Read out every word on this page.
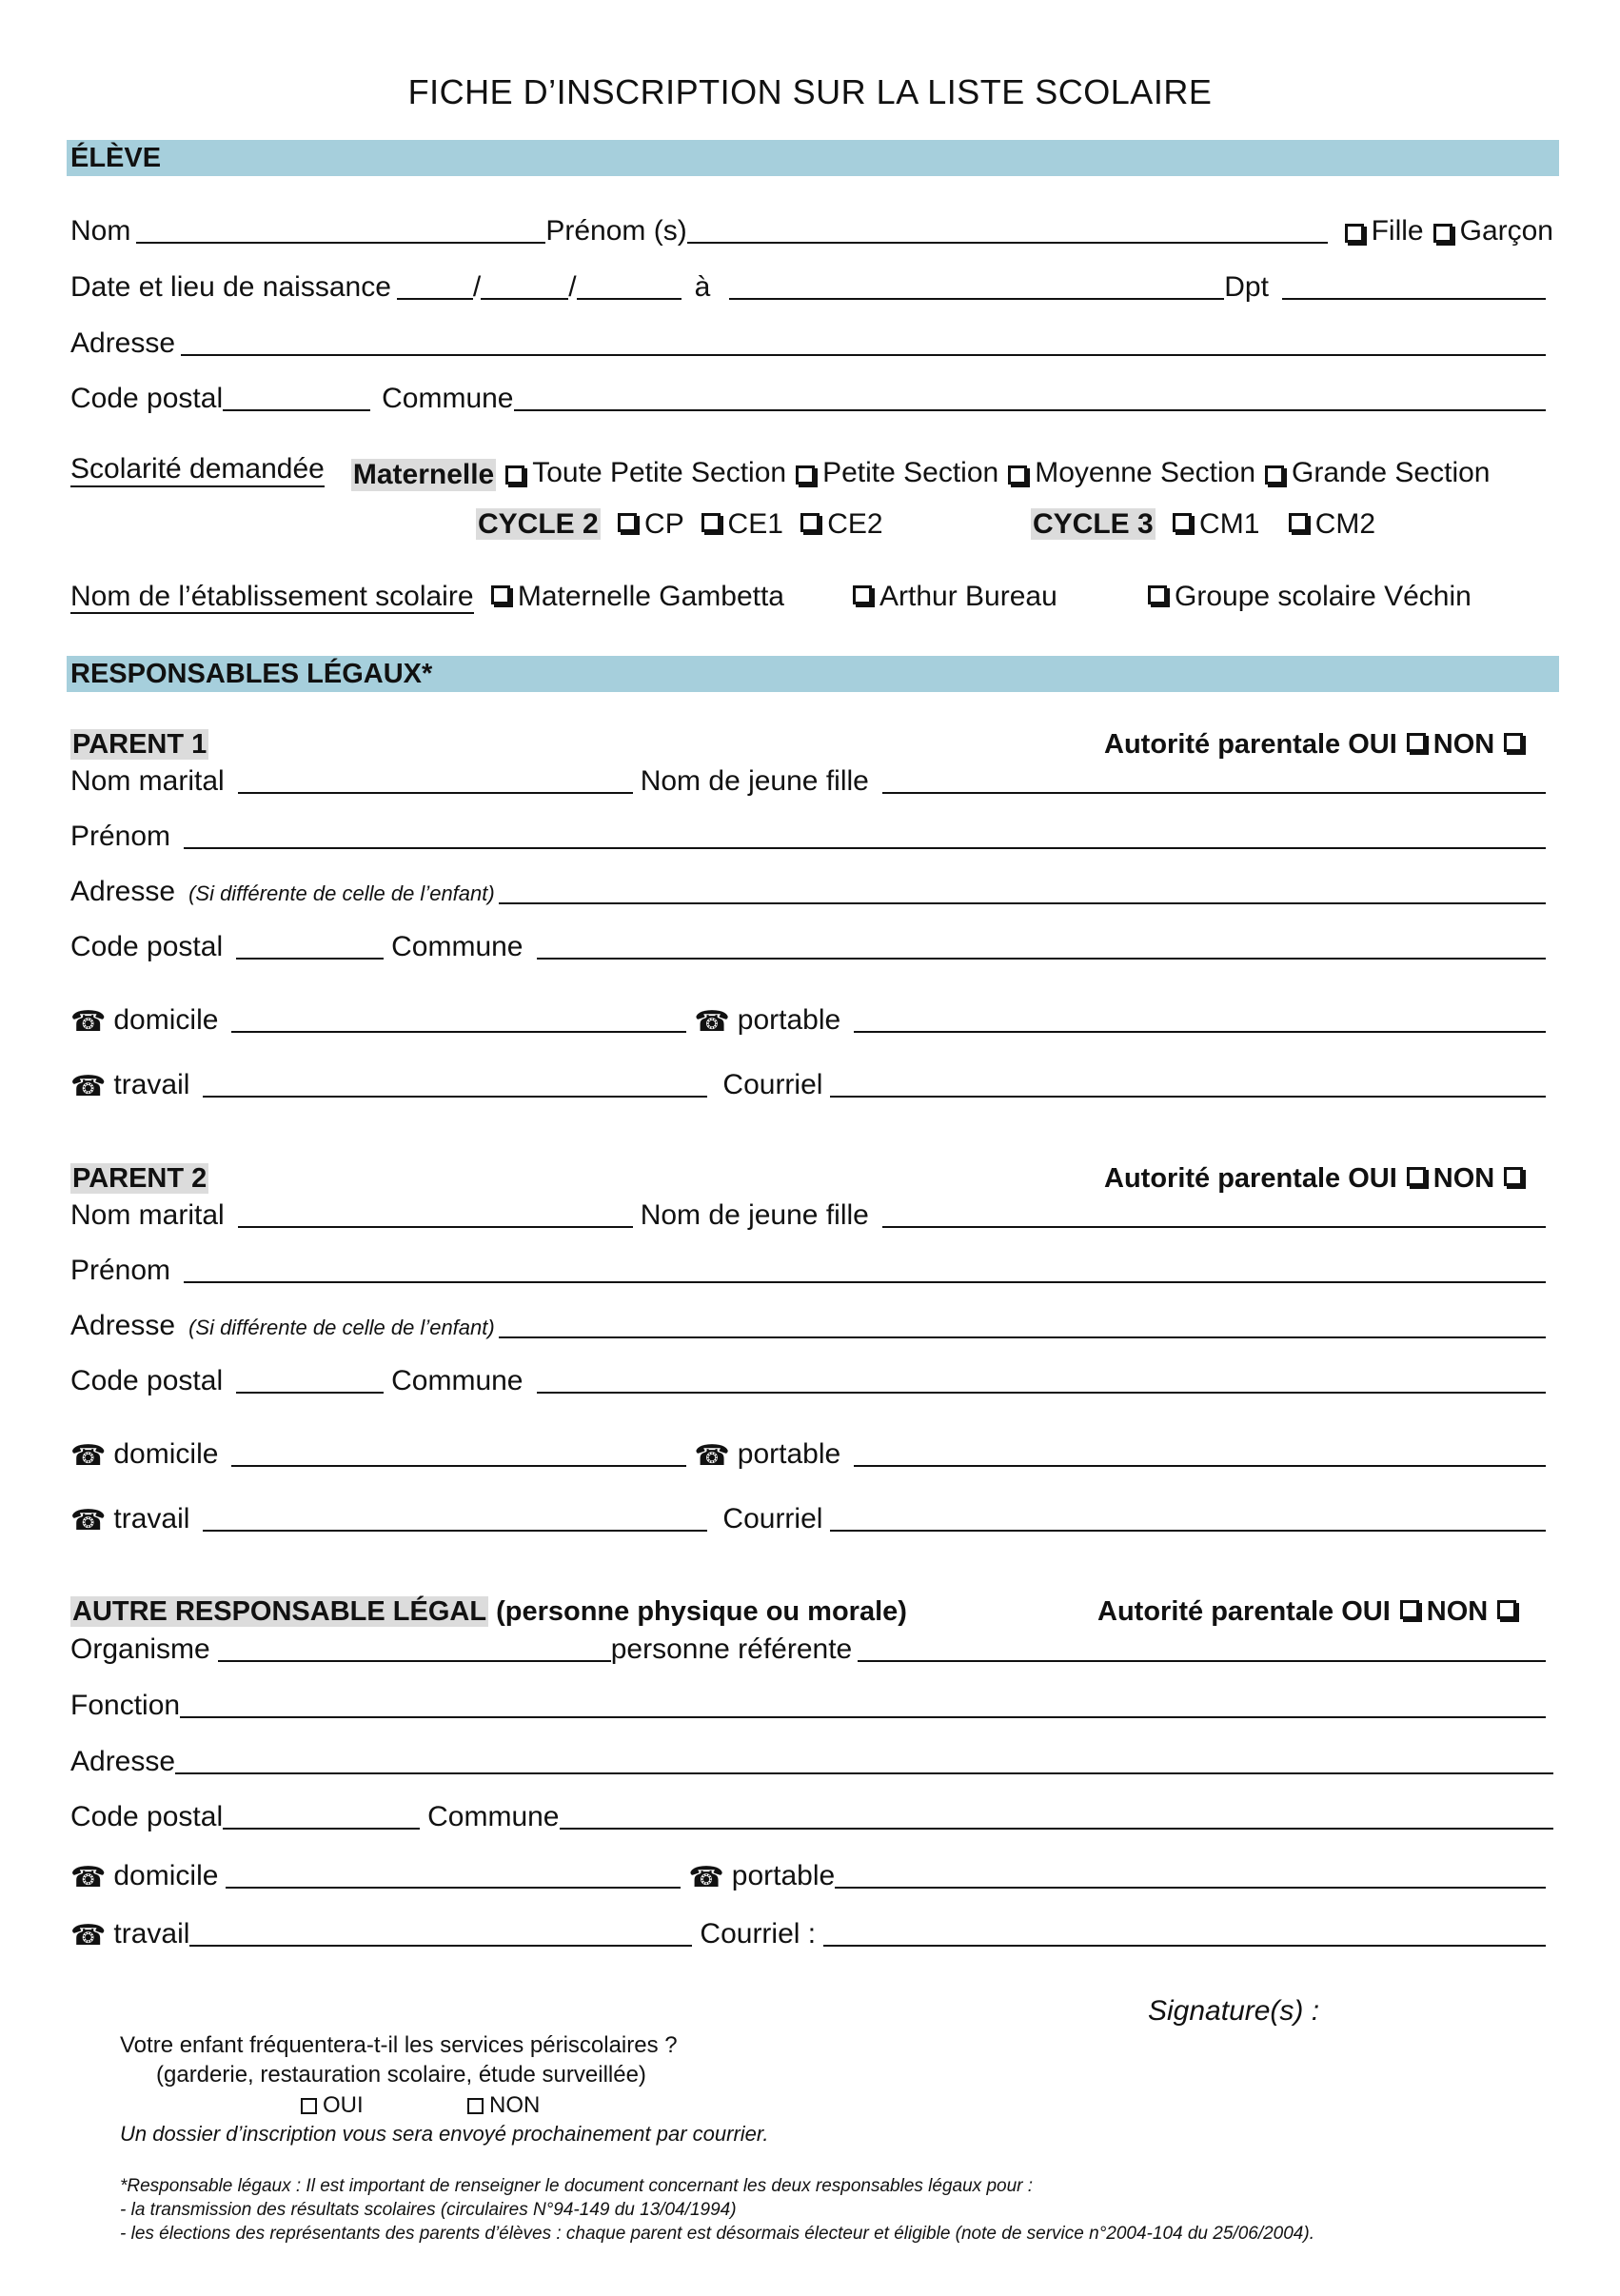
FICHE D’INSCRIPTION SUR LA LISTE SCOLAIRE
ÉLÈVE
Nom	Prénom (s)	Fille Garçon
Date et lieu de naissance	/	/	à	Dpt
Adresse
Code postal	Commune
Scolarité demandée Maternelle Toute Petite Section Petite Section Moyenne Section Grande Section
CYCLE 2 CP CE1 CE2	CYCLE 3 CM1 CM2
Nom de l’établissement scolaire Maternelle Gambetta	Arthur Bureau	Groupe scolaire Véchin
RESPONSABLES LÉGAUX*
PARENT 1	Autorité parentale OUI NON
Nom marital	Nom de jeune fille
Prénom
Adresse (Si différente de celle de l’enfant)
Code postal	Commune
☎ domicile	☎ portable
☎ travail	Courriel
PARENT 2	Autorité parentale OUI NON
Nom marital	Nom de jeune fille
Prénom
Adresse (Si différente de celle de l’enfant)
Code postal	Commune
☎ domicile	☎ portable
☎ travail	Courriel
AUTRE RESPONSABLE LÉGAL (personne physique ou morale)	Autorité parentale OUI NON
Organisme	personne référente
Fonction
Adresse
Code postal	Commune
☎ domicile	☎ portable
☎ travail	Courriel :
Signature(s) :
Votre enfant fréquentera-t-il les services périscolaires ?
(garderie, restauration scolaire, étude surveillée)
OUI	NON
Un dossier d’inscription vous sera envoyé prochainement par courrier.
*Responsable légaux : Il est important de renseigner le document concernant les deux responsables légaux pour :
- la transmission des résultats scolaires (circulaires N°94-149 du 13/04/1994)
- les élections des représentants des parents d’élèves : chaque parent est désormais électeur et éligible (note de service n°2004-104 du 25/06/2004).
